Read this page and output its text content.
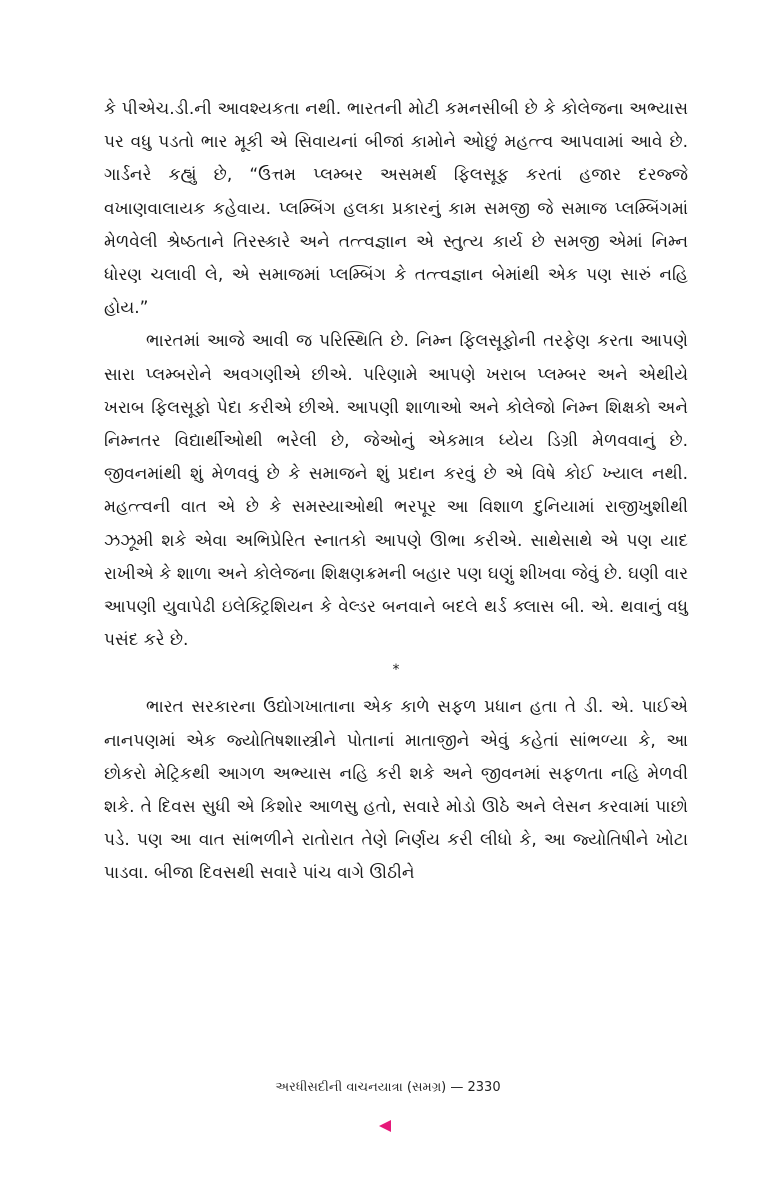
કે પીએચ.ડી.ની આવશ્યકતા નથી. ભારતની મોટી કમનસીબી છે કે કોલેજના અભ્યાસ પર વધુ પડતો ભાર મૂકી એ સિવાયનાં બીજાં કામોને ઓછું મહત્ત્વ આપવામાં આવે છે. ગાર્ડનરે કહ્યું છે, “ઉત્તમ પ્લમ્બર અસમર્થ ફિલસૂફ કરતાં હજાર દરજ્જે વખાણવાલાયક કહેવાય. પ્લમ્બિંગ હલકા પ્રકારનું કામ સમજી જે સમાજ પ્લમ્બિંગમાં મેળવેલી શ્રેષ્ઠતાને તિરસ્કારે અને તત્ત્વજ્ઞાન એ સ્તુત્ય કાર્ય છે સમજી એમાં નિમ્ન ધોરણ ચલાવી લે, એ સમાજમાં પ્લમ્બિંગ કે તત્ત્વજ્ઞાન બેમાંથી એક પણ સારું નહિ હોય.”

ભારતમાં આજે આવી જ પરિસ્થિતિ છે. નિમ્ન ફિલસૂફોની તરફેણ કરતા આપણે સારા પ્લમ્બરોને અવગણીએ છીએ. પરિણામે આપણે ખરાબ પ્લમ્બર અને એથીયે ખરાબ ફિલસૂફો પેદા કરીએ છીએ. આપણી શાળાઓ અને કોલેજો નિમ્ન શિક્ષકો અને નિમ્નતર વિદ્યાર્થીઓથી ભરેલી છે, જેઓનું એકમાત્ર ધ્યેય ડિગ્રી મેળવવાનું છે. જીવનમાંથી શું મેળવવું છે કે સમાજને શું પ્રદાન કરવું છે એ વિષે કોઈ ખ્યાલ નથી. મહત્ત્વની વાત એ છે કે સમસ્યાઓથી ભરપૂર આ વિશાળ દુનિયામાં રાજીખુશીથી ઝઝૂમી શકે એવા અભિપ્રેરિત સ્નાતકો આપણે ઊભા કરીએ. સાથેસાથે એ પણ યાદ રાખીએ કે શાળા અને કોલેજના શિક્ષણક્રમની બહાર પણ ઘણું શીખવા જેવું છે. ઘણી વાર આપણી યુવાપેઢી ઇલેક્ટ્રિશિયન કે વેલ્ડર બનવાને બદલે થર્ડ ક્લાસ બી. એ. થવાનું વધુ પસંદ કરે છે.

*

ભારત સરકારના ઉદ્યોગખાતાના એક કાળે સફળ પ્રધાન હતા તે ડી. એ. પાઈએ નાનપણમાં એક જ્યોતિષશાસ્ત્રીને પોતાનાં માતાજીને એવું કહેતાં સાંભળ્યા કે, આ છોકરો મેટ્રિકથી આગળ અભ્યાસ નહિ કરી શકે અને જીવનમાં સફળતા નહિ મેળવી શકે. તે દિવસ સુધી એ કિશોર આળસુ હતો, સવારે મોડો ઊઠે અને લેસન કરવામાં પાછો પડે. પણ આ વાત સાંભળીને રાતોરાત તેણે નિર્ણય કરી લીધો કે, આ જ્યોતિષીને ખોટા પાડવા. બીજા દિવસથી સવારે પાંચ વાગે ઊઠીને

અરધીસદીની વાચનયાત્રા (સમગ્ર) — 2330
